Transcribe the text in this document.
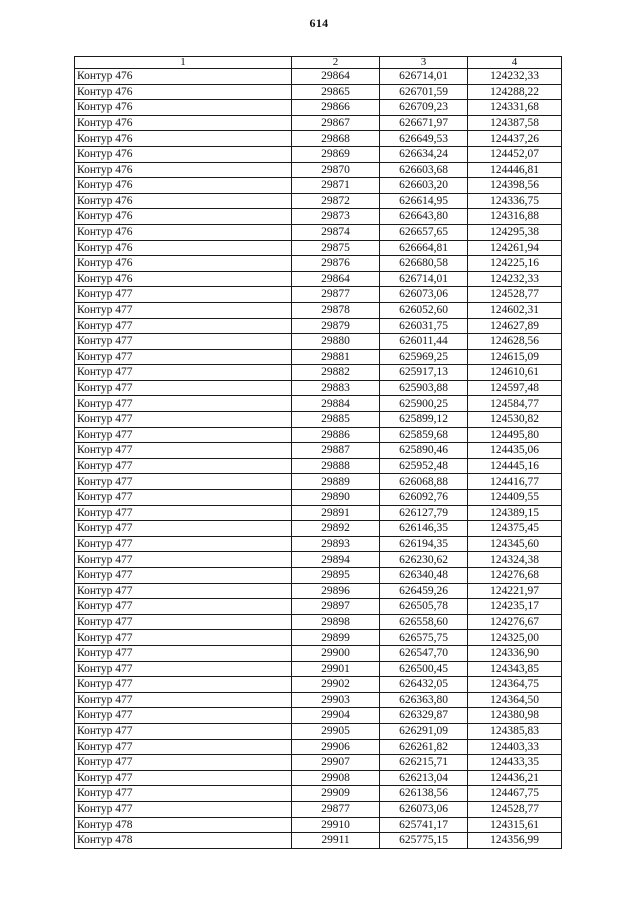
614
1	2	3	4
Контур 476	29864	626714,01	124232,33
Контур 476	29865	626701,59	124288,22
Контур 476	29866	626709,23	124331,68
Контур 476	29867	626671,97	124387,58
Контур 476	29868	626649,53	124437,26
Контур 476	29869	626634,24	124452,07
Контур 476	29870	626603,68	124446,81
Контур 476	29871	626603,20	124398,56
Контур 476	29872	626614,95	124336,75
Контур 476	29873	626643,80	124316,88
Контур 476	29874	626657,65	124295,38
Контур 476	29875	626664,81	124261,94
Контур 476	29876	626680,58	124225,16
Контур 476	29864	626714,01	124232,33
Контур 477	29877	626073,06	124528,77
Контур 477	29878	626052,60	124602,31
Контур 477	29879	626031,75	124627,89
Контур 477	29880	626011,44	124628,56
Контур 477	29881	625969,25	124615,09
Контур 477	29882	625917,13	124610,61
Контур 477	29883	625903,88	124597,48
Контур 477	29884	625900,25	124584,77
Контур 477	29885	625899,12	124530,82
Контур 477	29886	625859,68	124495,80
Контур 477	29887	625890,46	124435,06
Контур 477	29888	625952,48	124445,16
Контур 477	29889	626068,88	124416,77
Контур 477	29890	626092,76	124409,55
Контур 477	29891	626127,79	124389,15
Контур 477	29892	626146,35	124375,45
Контур 477	29893	626194,35	124345,60
Контур 477	29894	626230,62	124324,38
Контур 477	29895	626340,48	124276,68
Контур 477	29896	626459,26	124221,97
Контур 477	29897	626505,78	124235,17
Контур 477	29898	626558,60	124276,67
Контур 477	29899	626575,75	124325,00
Контур 477	29900	626547,70	124336,90
Контур 477	29901	626500,45	124343,85
Контур 477	29902	626432,05	124364,75
Контур 477	29903	626363,80	124364,50
Контур 477	29904	626329,87	124380,98
Контур 477	29905	626291,09	124385,83
Контур 477	29906	626261,82	124403,33
Контур 477	29907	626215,71	124433,35
Контур 477	29908	626213,04	124436,21
Контур 477	29909	626138,56	124467,75
Контур 477	29877	626073,06	124528,77
Контур 478	29910	625741,17	124315,61
Контур 478	29911	625775,15	124356,99
